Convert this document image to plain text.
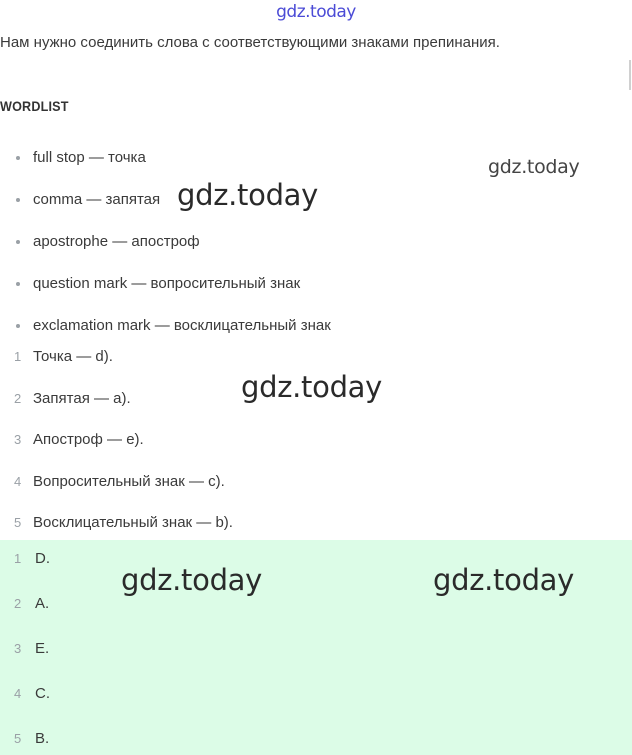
gdz.today
Нам нужно соединить слова с соответствующими знаками препинания.
WORDLIST
full stop — точка
comma — запятая
apostrophe — апостроф
question mark — вопросительный знак
exclamation mark — восклицательный знак
1 Точка — d).
2 Запятая — а).
3 Апостроф — е).
4 Вопросительный знак — с).
5 Восклицательный знак — b).
1 D.
2 A.
3 E.
4 C.
5 B.
gdz.today
gdz.today
gdz.today
gdz.today	gdz.today
